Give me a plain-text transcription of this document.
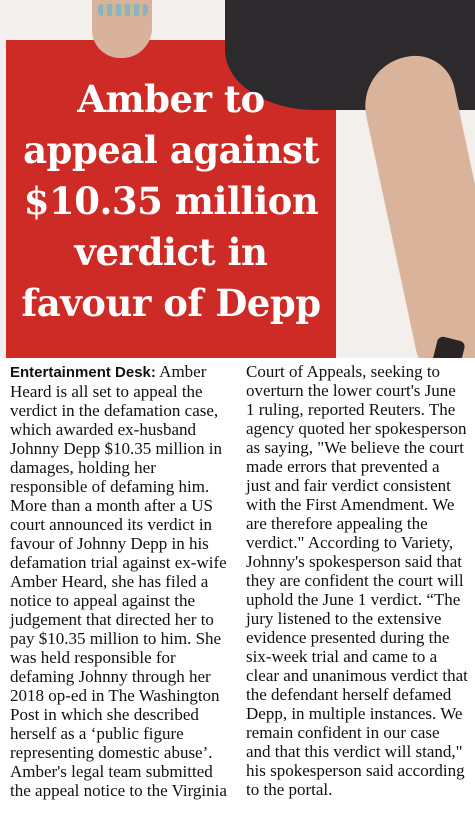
Amber to appeal against $10.35 million verdict in favour of Depp

Entertainment Desk: Amber Heard is all set to appeal the verdict in the defamation case, which awarded ex-husband Johnny Depp $10.35 million in damages, holding her responsible of defaming him. More than a month after a US court announced its verdict in favour of Johnny Depp in his defamation trial against ex-wife Amber Heard, she has filed a notice to appeal against the judgement that directed her to pay $10.35 million to him. She was held responsible for defaming Johnny through her 2018 op-ed in The Washington Post in which she described herself as a ‘public figure representing domestic abuse’. Amber's legal team submitted the appeal notice to the Virginia Court of Appeals, seeking to overturn the lower court's June 1 ruling, reported Reuters. The agency quoted her spokesperson as saying, "We believe the court made errors that prevented a just and fair verdict consistent with the First Amendment. We are therefore appealing the verdict." According to Variety, Johnny's spokesperson said that they are confident the court will uphold the June 1 verdict. “The jury listened to the extensive evidence presented during the six-week trial and came to a clear and unanimous verdict that the defendant herself defamed Depp, in multiple instances. We remain confident in our case and that this verdict will stand," his spokesperson said according to the portal.
